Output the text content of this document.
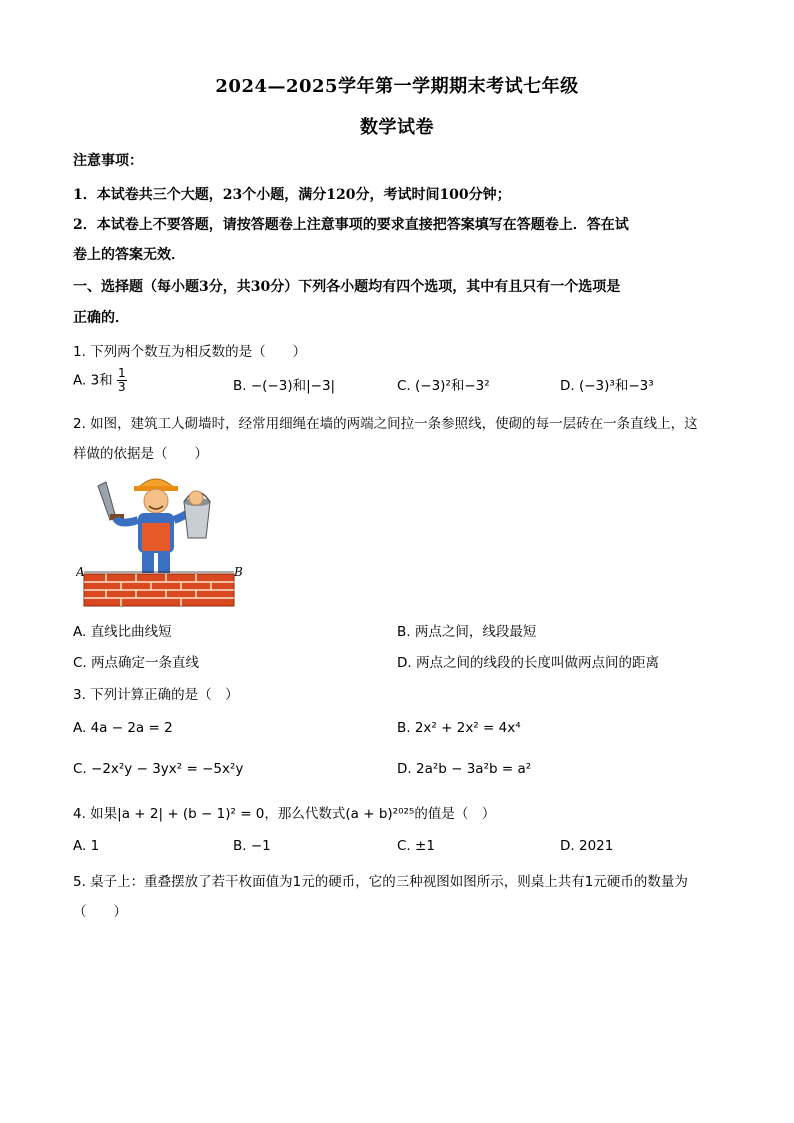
2024—2025学年第一学期期末考试七年级
数学试卷
注意事项：
1．本试卷共三个大题，23个小题，满分120分，考试时间100分钟；
2．本试卷上不要答题，请按答题卷上注意事项的要求直接把答案填写在答题卷上．答在试
卷上的答案无效．
一、选择题（每小题3分，共30分）下列各小题均有四个选项，其中有且只有一个选项是
正确的．
1. 下列两个数互为相反数的是（　　）
A. 3和 $\frac{1}{3}$	B. −(−3)和|−3|	C. (−3)²和−3²	D. (−3)³和−3³
2. 如图，建筑工人砌墙时，经常用细绳在墙的两端之间拉一条参照线，使砌的每一层砖在一条直线上，这
样做的依据是（　　）
A	B
A. 直线比曲线短	B. 两点之间，线段最短
C. 两点确定一条直线	D. 两点之间的线段的长度叫做两点间的距离
3. 下列计算正确的是（　）
A. 4a − 2a = 2	B. 2x² + 2x² = 4x⁴
C. −2x²y − 3yx² = −5x²y	D. 2a²b − 3a²b = a²
4. 如果|a + 2| + (b − 1)² = 0，那么代数式(a + b)²⁰²⁵的值是（　）
A. 1	B. −1	C. ±1	D. 2021
5. 桌子上：重叠摆放了若干枚面值为1元的硬币，它的三种视图如图所示，则桌上共有1元硬币的数量为
（　　）
